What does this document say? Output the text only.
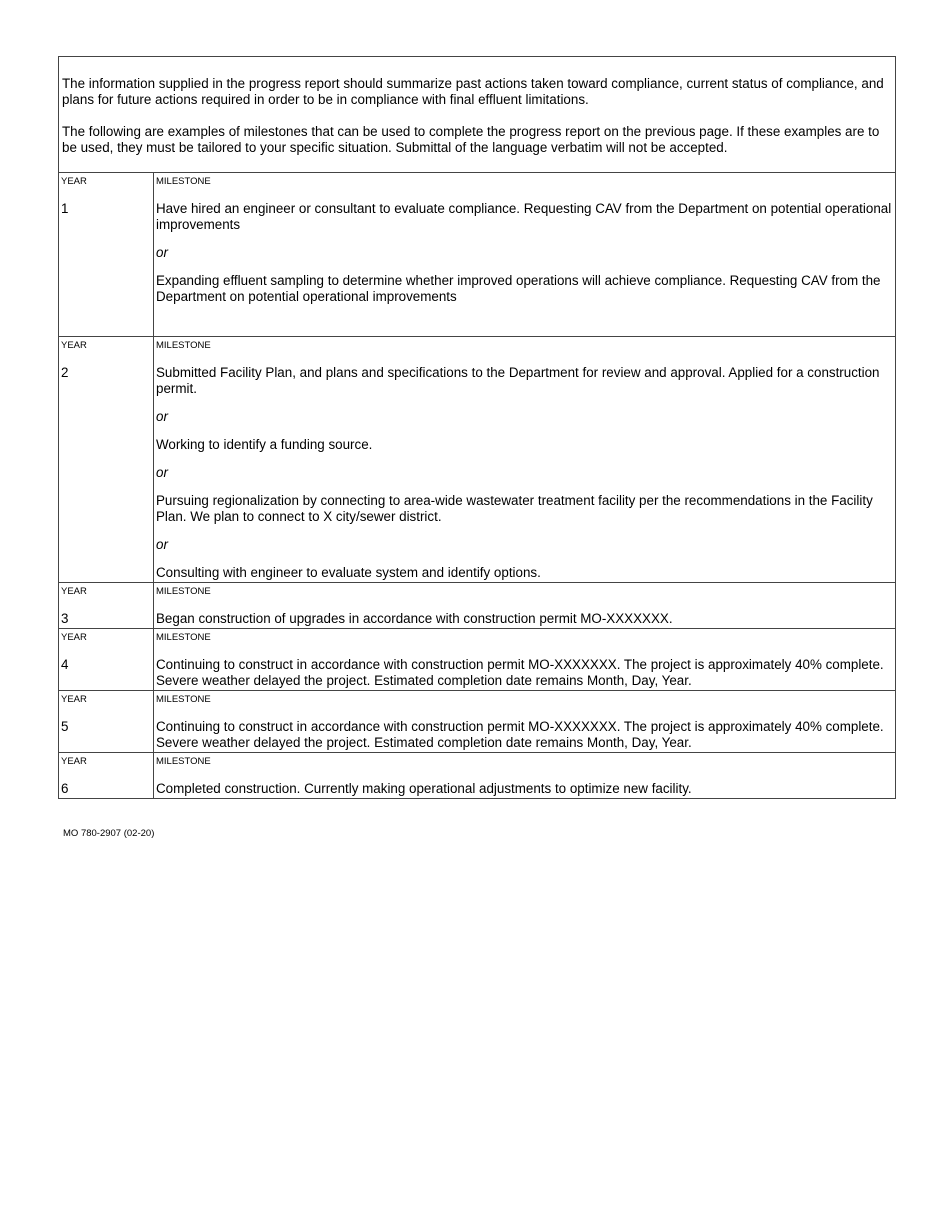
The information supplied in the progress report should summarize past actions taken toward compliance, current status of compliance, and plans for future actions required in order to be in compliance with final effluent limitations.

The following are examples of milestones that can be used to complete the progress report on the previous page. If these examples are to be used, they must be tailored to your specific situation. Submittal of the language verbatim will not be accepted.

YEAR
1
MILESTONE

Have hired an engineer or consultant to evaluate compliance. Requesting CAV from the Department on potential operational improvements

or

Expanding effluent sampling to determine whether improved operations will achieve compliance. Requesting CAV from the Department on potential operational improvements

YEAR
2
MILESTONE

Submitted Facility Plan, and plans and specifications to the Department for review and approval. Applied for a construction permit.

or

Working to identify a funding source.

or

Pursuing regionalization by connecting to area-wide wastewater treatment facility per the recommendations in the Facility Plan. We plan to connect to X city/sewer district.

or

Consulting with engineer to evaluate system and identify options.

YEAR
3
MILESTONE

Began construction of upgrades in accordance with construction permit MO-XXXXXXX.

YEAR
4
MILESTONE

Continuing to construct in accordance with construction permit MO-XXXXXXX. The project is approximately 40% complete. Severe weather delayed the project. Estimated completion date remains Month, Day, Year.

YEAR
5
MILESTONE

Continuing to construct in accordance with construction permit MO-XXXXXXX. The project is approximately 40% complete. Severe weather delayed the project. Estimated completion date remains Month, Day, Year.

YEAR
6
MILESTONE

Completed construction. Currently making operational adjustments to optimize new facility.

MO 780-2907 (02-20)
